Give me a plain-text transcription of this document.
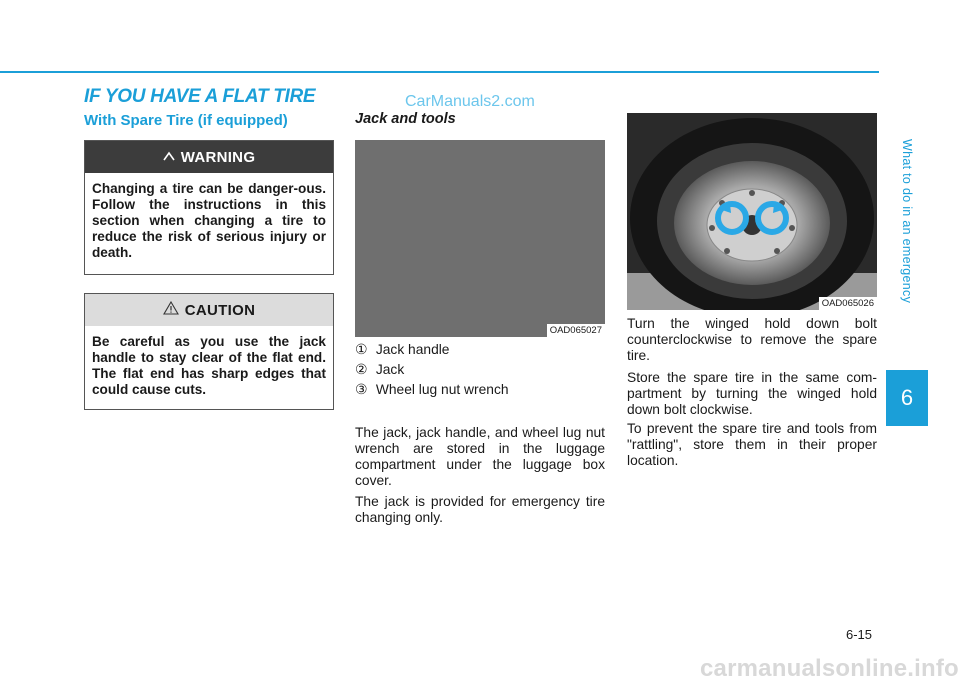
CarManuals2.com
IF YOU HAVE A FLAT TIRE
With Spare Tire (if equipped)
WARNING
Changing a tire can be danger-ous. Follow the instructions in this section when changing a tire to reduce the risk of serious injury or death.
CAUTION
Be careful as you use the jack handle to stay clear of the flat end. The flat end has sharp edges that could cause cuts.
Jack and tools
OAD065027
① Jack handle
② Jack
③ Wheel lug nut wrench
The jack, jack handle, and wheel lug nut wrench are stored in the luggage compartment under the luggage box cover.
The jack is provided for emergency tire changing only.
OAD065026
Turn the winged hold down bolt counterclockwise to remove the spare tire.
Store the spare tire in the same com-partment by turning the winged hold down bolt clockwise.
To prevent the spare tire and tools from "rattling", store them in their proper location.
What to do in an emergency
6
6-15
carmanualsonline.info
